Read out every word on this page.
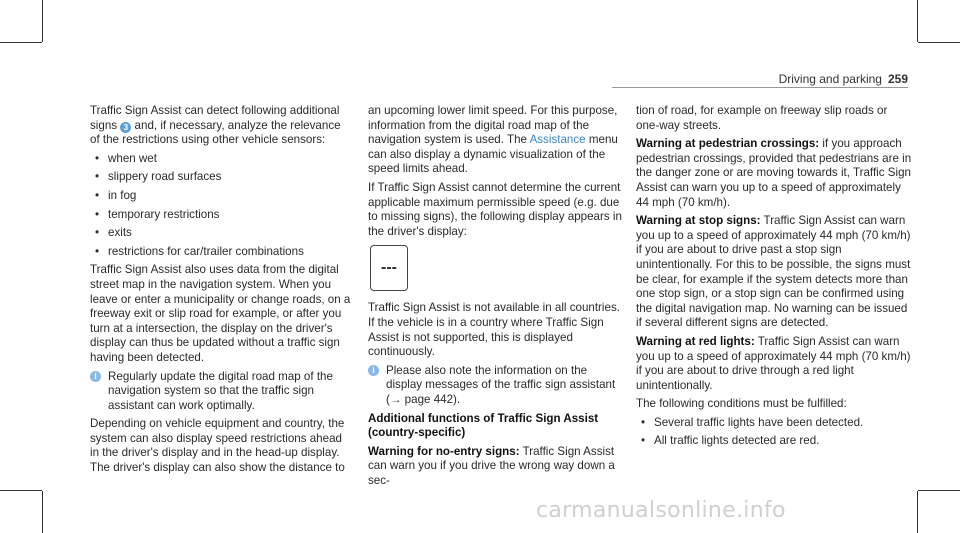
Driving and parking 259

Traffic Sign Assist can detect following additional signs 3 and, if necessary, analyze the relevance of the restrictions using other vehicle sensors:

• when wet
• slippery road surfaces
• in fog
• temporary restrictions
• exits
• restrictions for car/trailer combinations

Traffic Sign Assist also uses data from the digital street map in the navigation system. When you leave or enter a municipality or change roads, on a freeway exit or slip road for example, or after you turn at a intersection, the display on the driver's display can thus be updated without a traffic sign having been detected.

i Regularly update the digital road map of the navigation system so that the traffic sign assistant can work optimally.

Depending on vehicle equipment and country, the system can also display speed restrictions ahead in the driver's display and in the head-up display. The driver's display can also show the distance to

an upcoming lower limit speed. For this purpose, information from the digital road map of the navigation system is used. The Assistance menu can also display a dynamic visualization of the speed limits ahead.

If Traffic Sign Assist cannot determine the current applicable maximum permissible speed (e.g. due to missing signs), the following display appears in the driver's display:

---

Traffic Sign Assist is not available in all countries. If the vehicle is in a country where Traffic Sign Assist is not supported, this is displayed continuously.

i Please also note the information on the display messages of the traffic sign assistant (→ page 442).

Additional functions of Traffic Sign Assist (country-specific)

Warning for no-entry signs: Traffic Sign Assist can warn you if you drive the wrong way down a sec-

tion of road, for example on freeway slip roads or one-way streets.

Warning at pedestrian crossings: if you approach pedestrian crossings, provided that pedestrians are in the danger zone or are moving towards it, Traffic Sign Assist can warn you up to a speed of approximately 44 mph (70 km/h).

Warning at stop signs: Traffic Sign Assist can warn you up to a speed of approximately 44 mph (70 km/h) if you are about to drive past a stop sign unintentionally. For this to be possible, the signs must be clear, for example if the system detects more than one stop sign, or a stop sign can be confirmed using the digital navigation map. No warning can be issued if several different signs are detected.

Warning at red lights: Traffic Sign Assist can warn you up to a speed of approximately 44 mph (70 km/h) if you are about to drive through a red light unintentionally.

The following conditions must be fulfilled:

• Several traffic lights have been detected.
• All traffic lights detected are red.
carmanualsonline.info
